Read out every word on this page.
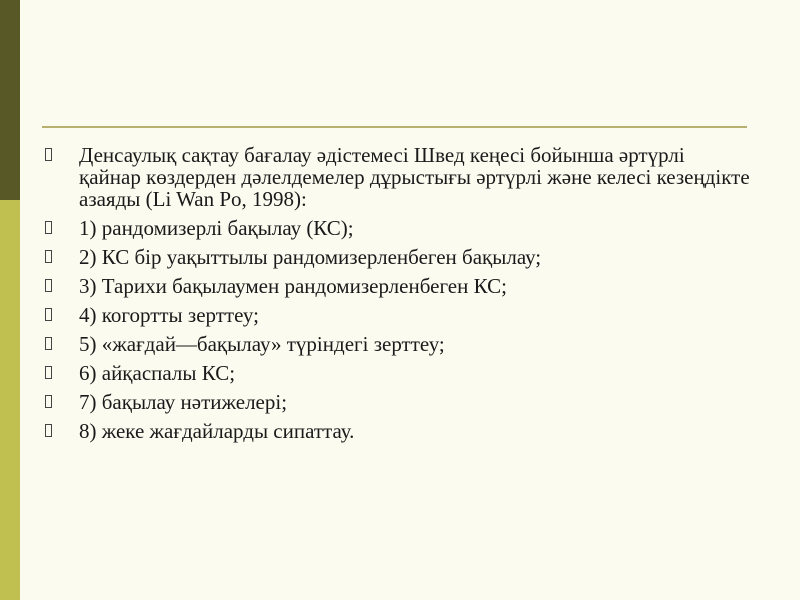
Денсаулық сақтау бағалау әдістемесі Швед кеңесі бойынша әртүрлі қайнар көздерден дәлелдемелер дұрыстығы әртүрлі және келесі кезеңдікте азаяды (Li Wan Po, 1998):
1) рандомизерлі бақылау (КС);
2) КС бір уақыттылы рандомизерленбеген бақылау;
3) Тарихи бақылаумен рандомизерленбеген КС;
4) когортты зерттеу;
5) «жағдай—бақылау» түріндегі зерттеу;
6) айқаспалы КС;
7) бақылау нәтижелері;
8) жеке жағдайларды сипаттау.
